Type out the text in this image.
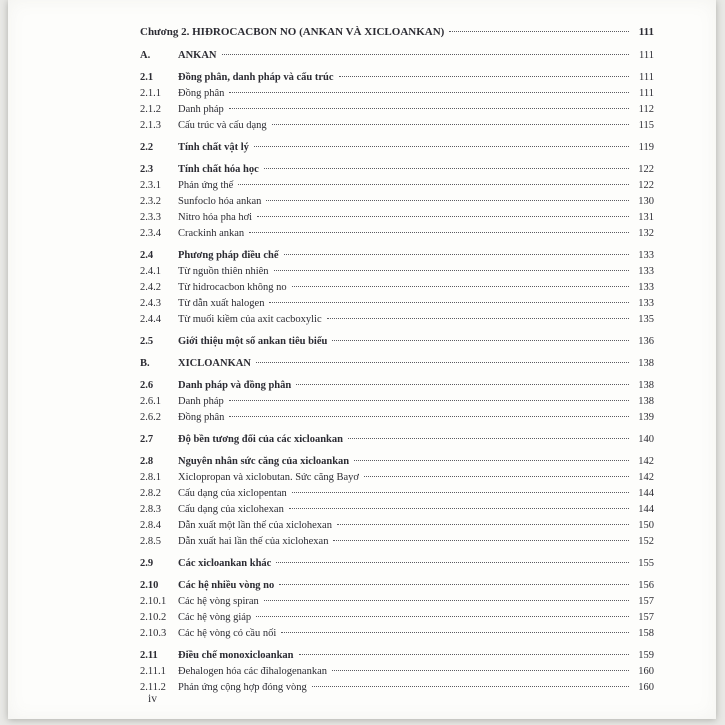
Chương 2. HIĐROCACBON NO (ANKAN VÀ XICLOANKAN)	111
A.	ANKAN	111
2.1	Đồng phân, danh pháp và cấu trúc	111
2.1.1	Đồng phân	111
2.1.2	Danh pháp	112
2.1.3	Cấu trúc và cấu dạng	115
2.2	Tính chất vật lý	119
2.3	Tính chất hóa học	122
2.3.1	Phản ứng thế	122
2.3.2	Sunfoclo hóa ankan	130
2.3.3	Nitro hóa pha hơi	131
2.3.4	Crackinh ankan	132
2.4	Phương pháp điều chế	133
2.4.1	Từ nguồn thiên nhiên	133
2.4.2	Từ hidrocacbon không no	133
2.4.3	Từ dẫn xuất halogen	133
2.4.4	Từ muối kiềm của axit cacboxylic	135
2.5	Giới thiệu một số ankan tiêu biểu	136
B.	XICLOANKAN	138
2.6	Danh pháp và đồng phân	138
2.6.1	Danh pháp	138
2.6.2	Đồng phân	139
2.7	Độ bền tương đối của các xicloankan	140
2.8	Nguyên nhân sức căng của xicloankan	142
2.8.1	Xiclopropan và xiclobutan. Sức căng Bayơ	142
2.8.2	Cấu dạng của xiclopentan	144
2.8.3	Cấu dạng của xiclohexan	144
2.8.4	Dẫn xuất một lần thế của xiclohexan	150
2.8.5	Dẫn xuất hai lần thế của xiclohexan	152
2.9	Các xicloankan khác	155
2.10	Các hệ nhiều vòng no	156
2.10.1	Các hệ vòng spiran	157
2.10.2	Các hệ vòng giáp	157
2.10.3	Các hệ vòng có cầu nối	158
2.11	Điều chế monoxicloankan	159
2.11.1	Đehalogen hóa các đihalogenankan	160
2.11.2	Phản ứng cộng hợp đóng vòng	160
iv
